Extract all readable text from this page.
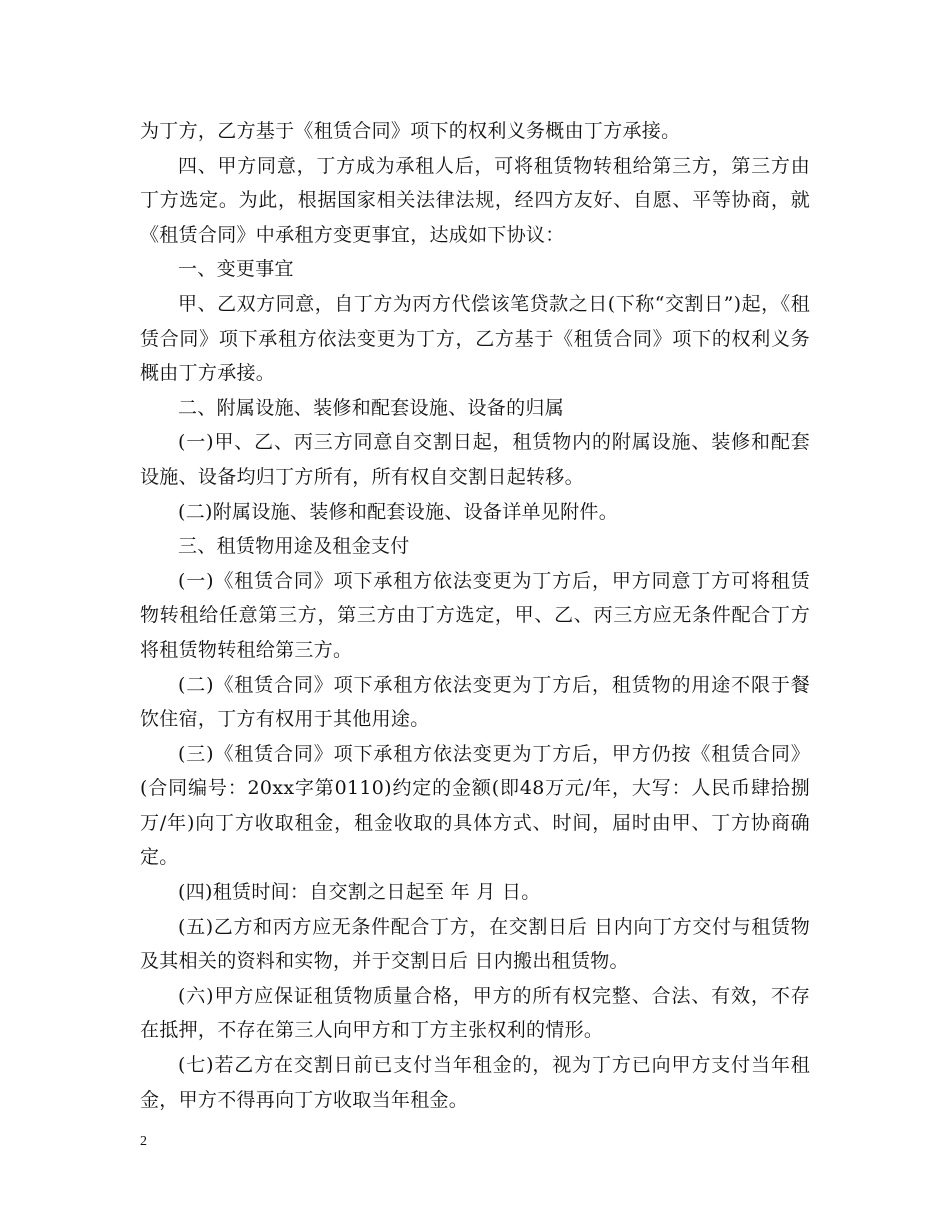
为丁方，乙方基于《租赁合同》项下的权利义务概由丁方承接。

四、甲方同意，丁方成为承租人后，可将租赁物转租给第三方，第三方由丁方选定。为此，根据国家相关法律法规，经四方友好、自愿、平等协商，就《租赁合同》中承租方变更事宜，达成如下协议：

一、变更事宜

甲、乙双方同意，自丁方为丙方代偿该笔贷款之日(下称“交割日”)起，《租赁合同》项下承租方依法变更为丁方，乙方基于《租赁合同》项下的权利义务概由丁方承接。

二、附属设施、装修和配套设施、设备的归属

(一)甲、乙、丙三方同意自交割日起，租赁物内的附属设施、装修和配套设施、设备均归丁方所有，所有权自交割日起转移。

(二)附属设施、装修和配套设施、设备详单见附件。

三、租赁物用途及租金支付

(一)《租赁合同》项下承租方依法变更为丁方后，甲方同意丁方可将租赁物转租给任意第三方，第三方由丁方选定，甲、乙、丙三方应无条件配合丁方将租赁物转租给第三方。

(二)《租赁合同》项下承租方依法变更为丁方后，租赁物的用途不限于餐饮住宿，丁方有权用于其他用途。

(三)《租赁合同》项下承租方依法变更为丁方后，甲方仍按《租赁合同》(合同编号：20xx字第0110)约定的金额(即48万元/年，大写：人民币肆拾捌万/年)向丁方收取租金，租金收取的具体方式、时间，届时由甲、丁方协商确定。

(四)租赁时间：自交割之日起至 年 月 日。

(五)乙方和丙方应无条件配合丁方，在交割日后 日内向丁方交付与租赁物及其相关的资料和实物，并于交割日后 日内搬出租赁物。

(六)甲方应保证租赁物质量合格，甲方的所有权完整、合法、有效，不存在抵押，不存在第三人向甲方和丁方主张权利的情形。

(七)若乙方在交割日前已支付当年租金的，视为丁方已向甲方支付当年租金，甲方不得再向丁方收取当年租金。

2
